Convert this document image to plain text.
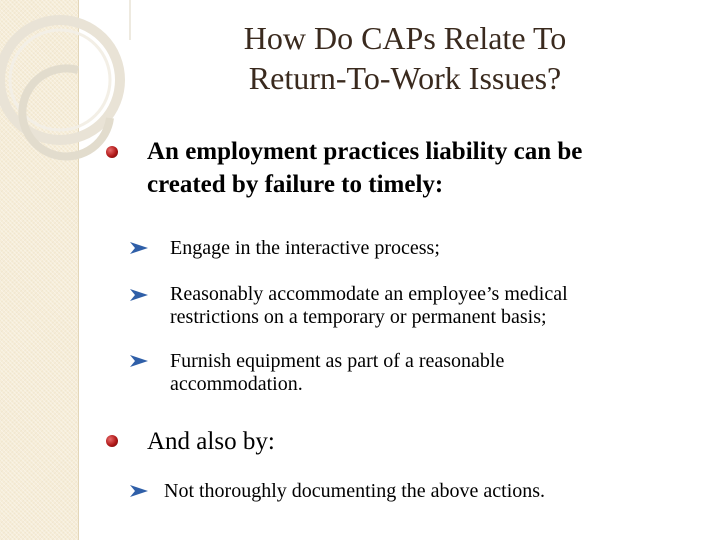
How Do CAPs Relate To
Return-To-Work Issues?
An employment practices liability can be
created by failure to timely:
Engage in the interactive process;
Reasonably accommodate an employee’s medical
restrictions on a temporary or permanent basis;
Furnish equipment as part of a reasonable
accommodation.
And also by:
Not thoroughly documenting the above actions.
